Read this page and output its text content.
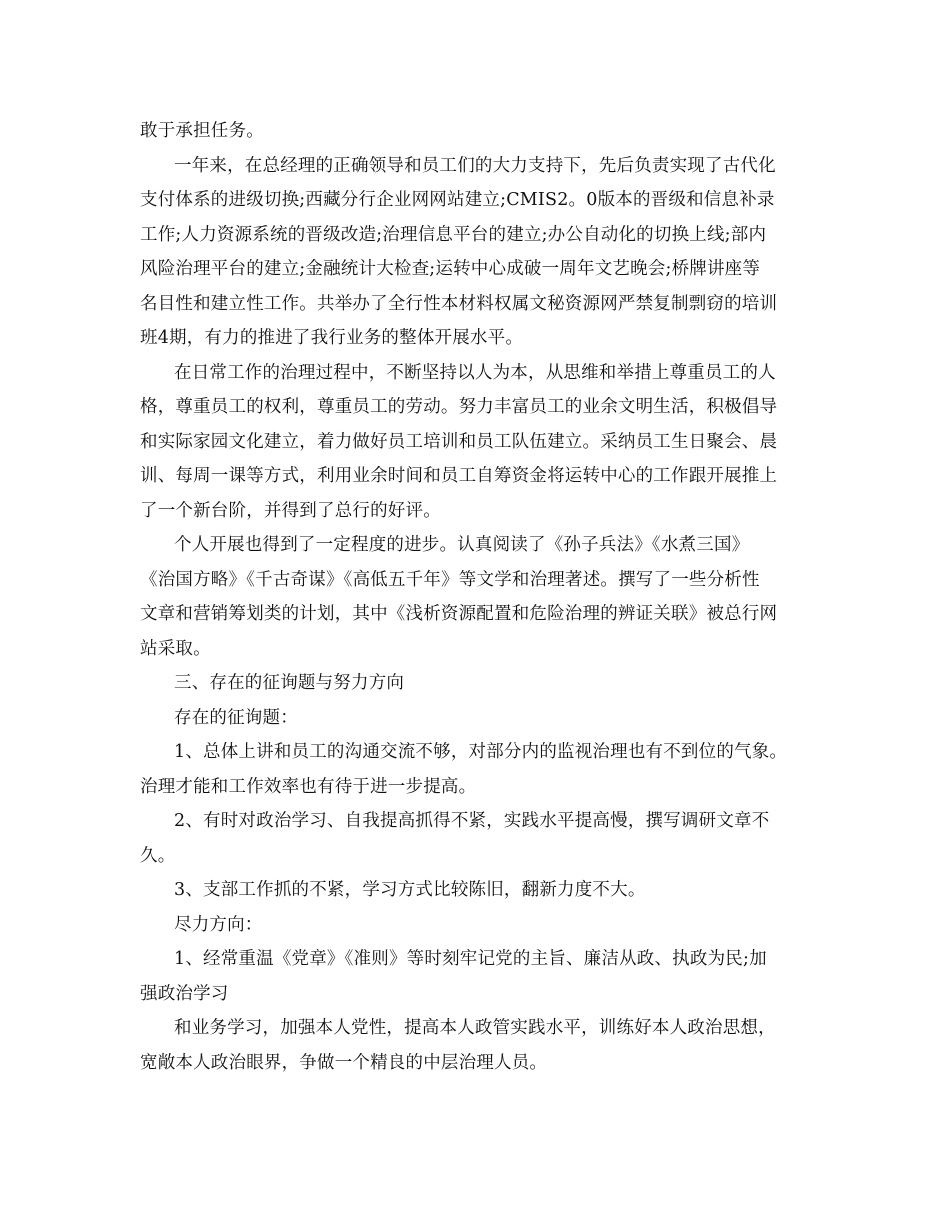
敢于承担任务。
一年来，在总经理的正确领导和员工们的大力支持下，先后负责实现了古代化
支付体系的进级切换;西藏分行企业网网站建立;CMIS2。0版本的晋级和信息补录
工作;人力资源系统的晋级改造;治理信息平台的建立;办公自动化的切换上线;部内
风险治理平台的建立;金融统计大检查;运转中心成破一周年文艺晚会;桥牌讲座等
名目性和建立性工作。共举办了全行性本材料权属文秘资源网严禁复制剽窃的培训
班4期，有力的推进了我行业务的整体开展水平。
在日常工作的治理过程中，不断坚持以人为本，从思维和举措上尊重员工的人
格，尊重员工的权利，尊重员工的劳动。努力丰富员工的业余文明生活，积极倡导
和实际家园文化建立，着力做好员工培训和员工队伍建立。采纳员工生日聚会、晨
训、每周一课等方式，利用业余时间和员工自筹资金将运转中心的工作跟开展推上
了一个新台阶，并得到了总行的好评。
个人开展也得到了一定程度的进步。认真阅读了《孙子兵法》《水煮三国》
《治国方略》《千古奇谋》《高低五千年》等文学和治理著述。撰写了一些分析性
文章和营销筹划类的计划，其中《浅析资源配置和危险治理的辨证关联》被总行网
站采取。
三、存在的征询题与努力方向
存在的征询题：
1、总体上讲和员工的沟通交流不够，对部分内的监视治理也有不到位的气象。
治理才能和工作效率也有待于进一步提高。
2、有时对政治学习、自我提高抓得不紧，实践水平提高慢，撰写调研文章不
久。
3、支部工作抓的不紧，学习方式比较陈旧，翻新力度不大。
尽力方向：
1、经常重温《党章》《准则》等时刻牢记党的主旨、廉洁从政、执政为民;加
强政治学习
和业务学习，加强本人党性，提高本人政管实践水平，训练好本人政治思想，
宽敞本人政治眼界，争做一个精良的中层治理人员。
